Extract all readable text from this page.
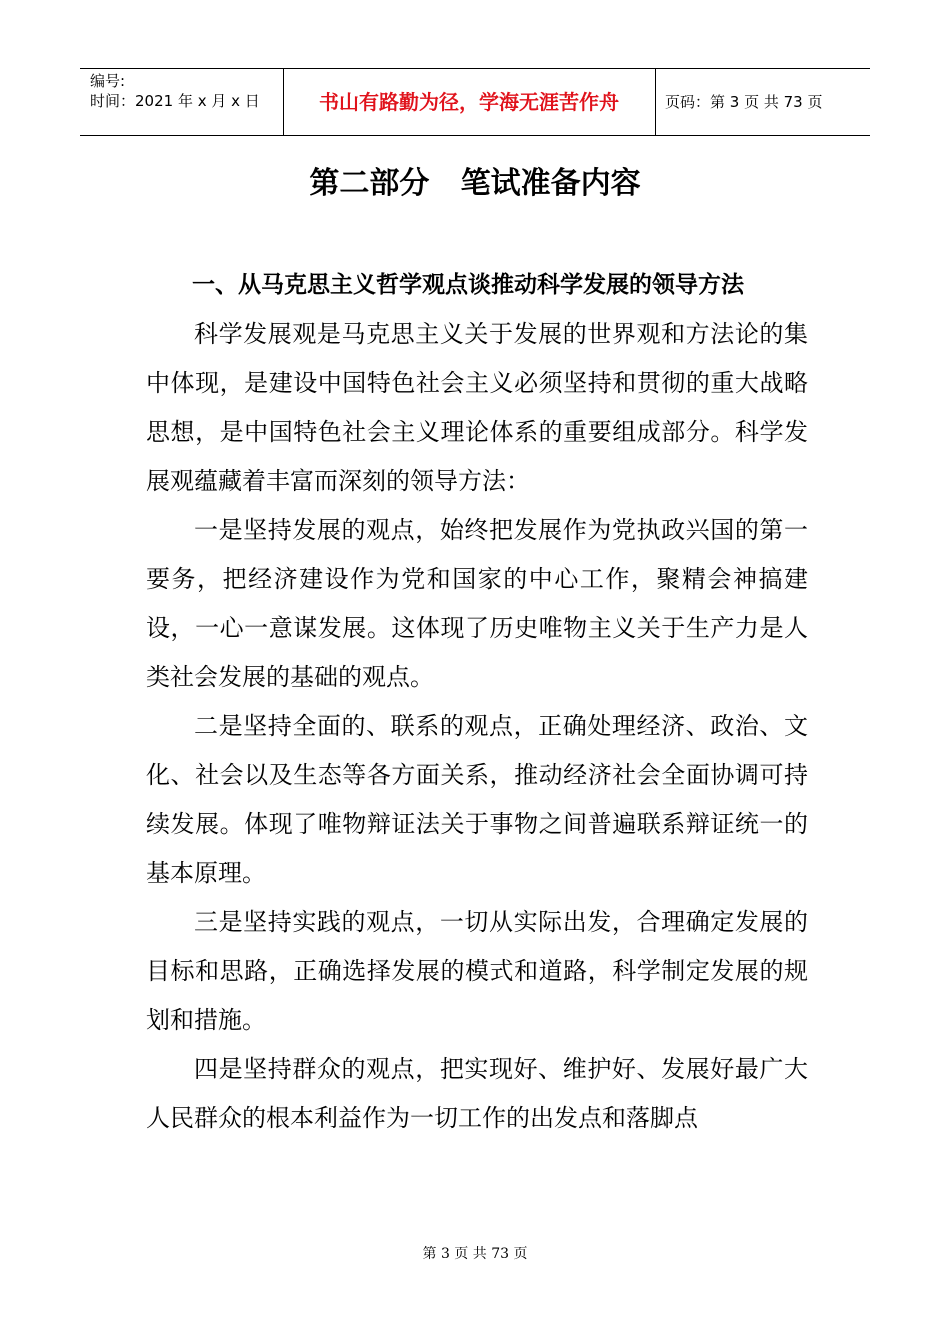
编号:
时间：2021 年 x 月 x 日	书山有路勤为径，学海无涯苦作舟	页码：第 3 页 共 73 页
第二部分   笔试准备内容

一、从马克思主义哲学观点谈推动科学发展的领导方法

科学发展观是马克思主义关于发展的世界观和方法论的集中体现，是建设中国特色社会主义必须坚持和贯彻的重大战略思想，是中国特色社会主义理论体系的重要组成部分。科学发展观蕴藏着丰富而深刻的领导方法：

一是坚持发展的观点，始终把发展作为党执政兴国的第一要务，把经济建设作为党和国家的中心工作，聚精会神搞建设，一心一意谋发展。这体现了历史唯物主义关于生产力是人类社会发展的基础的观点。

二是坚持全面的、联系的观点，正确处理经济、政治、文化、社会以及生态等各方面关系，推动经济社会全面协调可持续发展。体现了唯物辩证法关于事物之间普遍联系辩证统一的基本原理。

三是坚持实践的观点，一切从实际出发，合理确定发展的目标和思路，正确选择发展的模式和道路，科学制定发展的规划和措施。

四是坚持群众的观点，把实现好、维护好、发展好最广大人民群众的根本利益作为一切工作的出发点和落脚点

第 3 页 共 73 页
